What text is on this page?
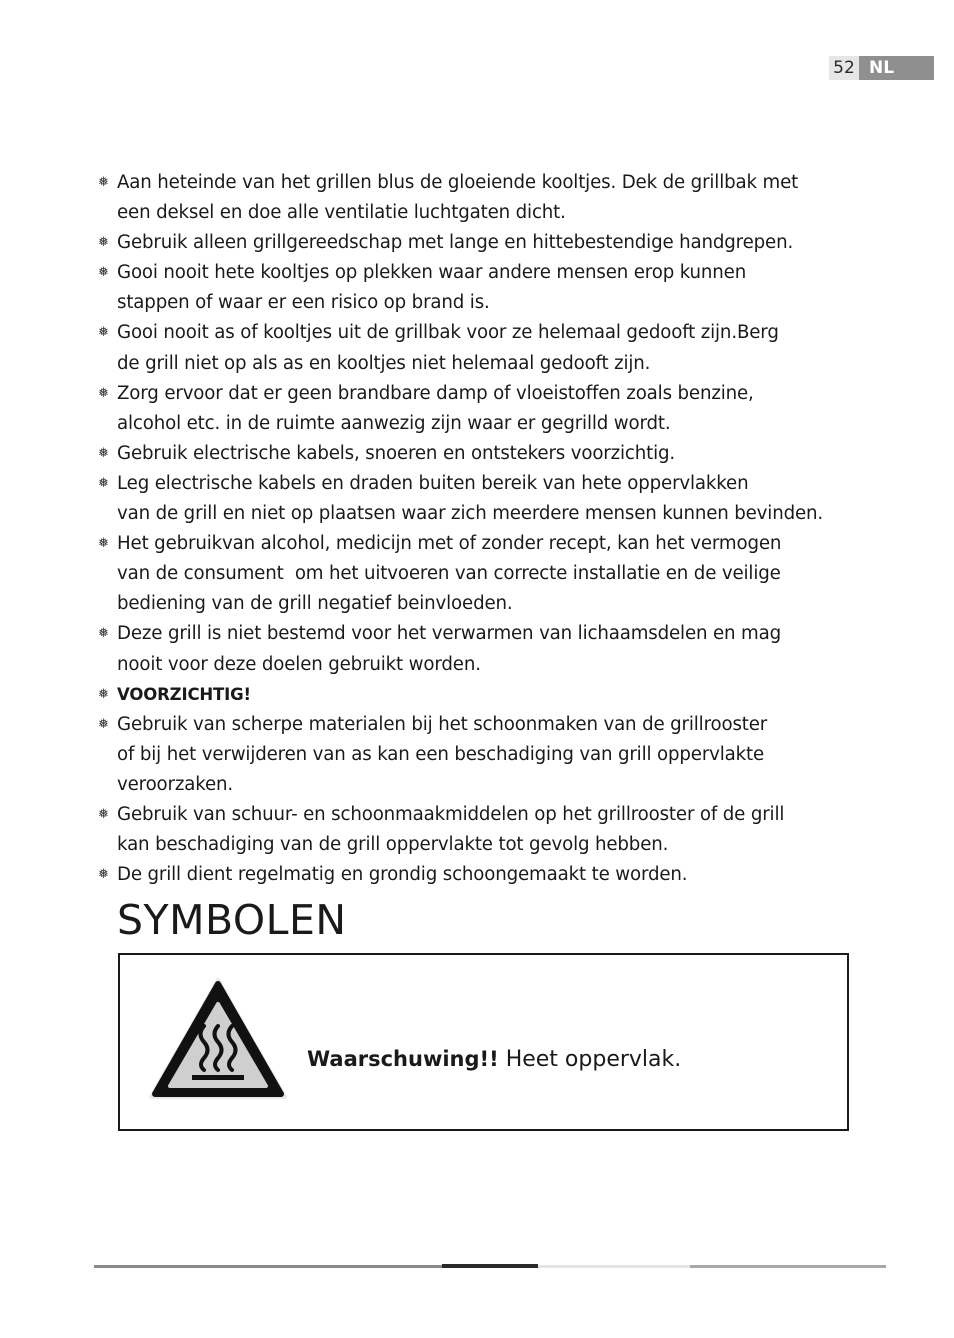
52 NL
❅ Aan heteinde van het grillen blus de gloeiende kooltjes. Dek de grillbak met
een deksel en doe alle ventilatie luchtgaten dicht.
❅ Gebruik alleen grillgereedschap met lange en hittebestendige handgrepen.
❅ Gooi nooit hete kooltjes op plekken waar andere mensen erop kunnen
stappen of waar er een risico op brand is.
❅ Gooi nooit as of kooltjes uit de grillbak voor ze helemaal gedooft zijn.Berg
de grill niet op als as en kooltjes niet helemaal gedooft zijn.
❅ Zorg ervoor dat er geen brandbare damp of vloeistoffen zoals benzine,
alcohol etc. in de ruimte aanwezig zijn waar er gegrilld wordt.
❅ Gebruik electrische kabels, snoeren en ontstekers voorzichtig.
❅ Leg electrische kabels en draden buiten bereik van hete oppervlakken
van de grill en niet op plaatsen waar zich meerdere mensen kunnen bevinden.
❅ Het gebruikvan alcohol, medicijn met of zonder recept, kan het vermogen
van de consument  om het uitvoeren van correcte installatie en de veilige
bediening van de grill negatief beinvloeden.
❅ Deze grill is niet bestemd voor het verwarmen van lichaamsdelen en mag
nooit voor deze doelen gebruikt worden.
❅ VOORZICHTIG!
❅ Gebruik van scherpe materialen bij het schoonmaken van de grillrooster
of bij het verwijderen van as kan een beschadiging van grill oppervlakte
veroorzaken.
❅ Gebruik van schuur- en schoonmaakmiddelen op het grillrooster of de grill
kan beschadiging van de grill oppervlakte tot gevolg hebben.
❅ De grill dient regelmatig en grondig schoongemaakt te worden.
SYMBOLEN
Waarschuwing!! Heet oppervlak.
